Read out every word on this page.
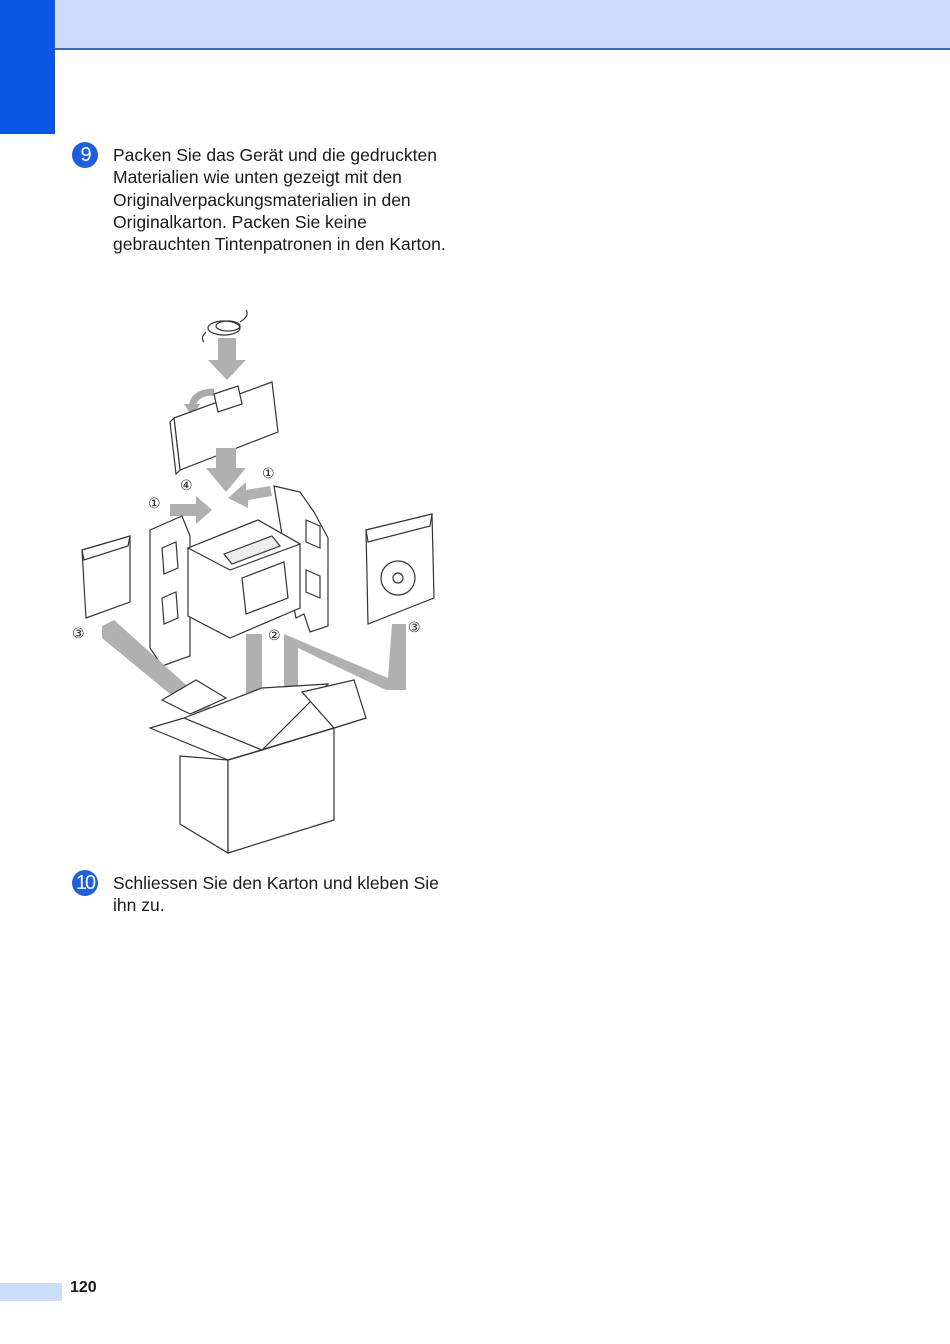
9	Packen Sie das Gerät und die gedruckten Materialien wie unten gezeigt mit den Originalverpackungsmaterialien in den Originalkarton. Packen Sie keine gebrauchten Tintenpatronen in den Karton.

①
④
①
③	②	③
10 Schliessen Sie den Karton und kleben Sie ihn zu.

120
